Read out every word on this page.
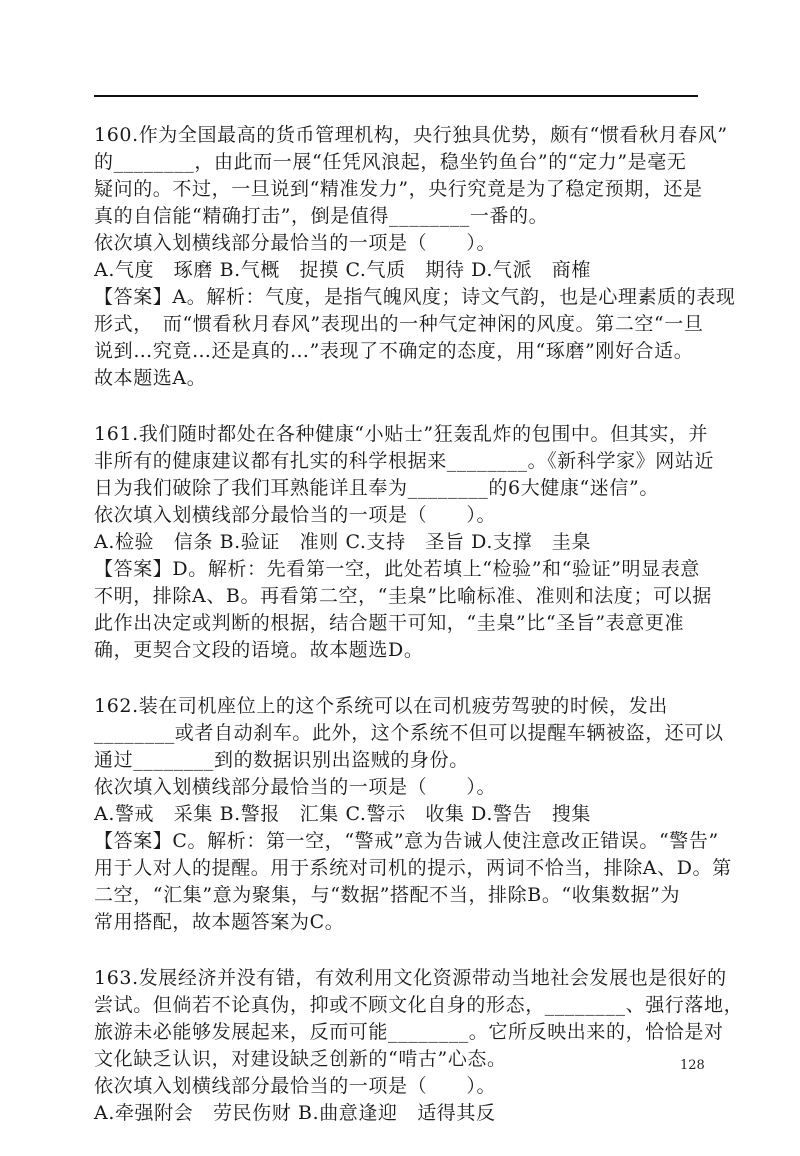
160.作为全国最高的货币管理机构，央行独具优势，颇有“惯看秋月春风”
的________，由此而一展“任凭风浪起，稳坐钓鱼台”的“定力”是毫无
疑问的。不过，一旦说到“精准发力”，央行究竟是为了稳定预期，还是
真的自信能“精确打击”，倒是值得________一番的。
依次填入划横线部分最恰当的一项是（　　）。
A.气度　琢磨 B.气概　捉摸 C.气质　期待 D.气派　商榷
【答案】A。解析：气度，是指气魄风度；诗文气韵，也是心理素质的表现
形式，　而“惯看秋月春风”表现出的一种气定神闲的风度。第二空“一旦
说到…究竟…还是真的…”表现了不确定的态度，用“琢磨”刚好合适。
故本题选A。
161.我们随时都处在各种健康“小贴士”狂轰乱炸的包围中。但其实，并
非所有的健康建议都有扎实的科学根据来________。《新科学家》网站近
日为我们破除了我们耳熟能详且奉为________的6大健康“迷信”。
依次填入划横线部分最恰当的一项是（　　）。
A.检验　信条 B.验证　准则 C.支持　圣旨 D.支撑　圭臬
【答案】D。解析：先看第一空，此处若填上“检验”和“验证”明显表意
不明，排除A、B。再看第二空，“圭臬”比喻标准、准则和法度；可以据
此作出决定或判断的根据，结合题干可知，“圭臬”比“圣旨”表意更准
确，更契合文段的语境。故本题选D。
162.装在司机座位上的这个系统可以在司机疲劳驾驶的时候，发出
________或者自动刹车。此外，这个系统不但可以提醒车辆被盗，还可以
通过________到的数据识别出盗贼的身份。
依次填入划横线部分最恰当的一项是（　　）。
A.警戒　采集 B.警报　汇集 C.警示　收集 D.警告　搜集
【答案】C。解析：第一空，“警戒”意为告诫人使注意改正错误。“警告”
用于人对人的提醒。用于系统对司机的提示，两词不恰当，排除A、D。第
二空，“汇集”意为聚集，与“数据”搭配不当，排除B。“收集数据”为
常用搭配，故本题答案为C。
163.发展经济并没有错，有效利用文化资源带动当地社会发展也是很好的
尝试。但倘若不论真伪，抑或不顾文化自身的形态，________、强行落地，
旅游未必能够发展起来，反而可能________。它所反映出来的，恰恰是对
文化缺乏认识，对建设缺乏创新的“啃古”心态。
依次填入划横线部分最恰当的一项是（　　）。
A.牵强附会　劳民伤财 B.曲意逢迎　适得其反
128
